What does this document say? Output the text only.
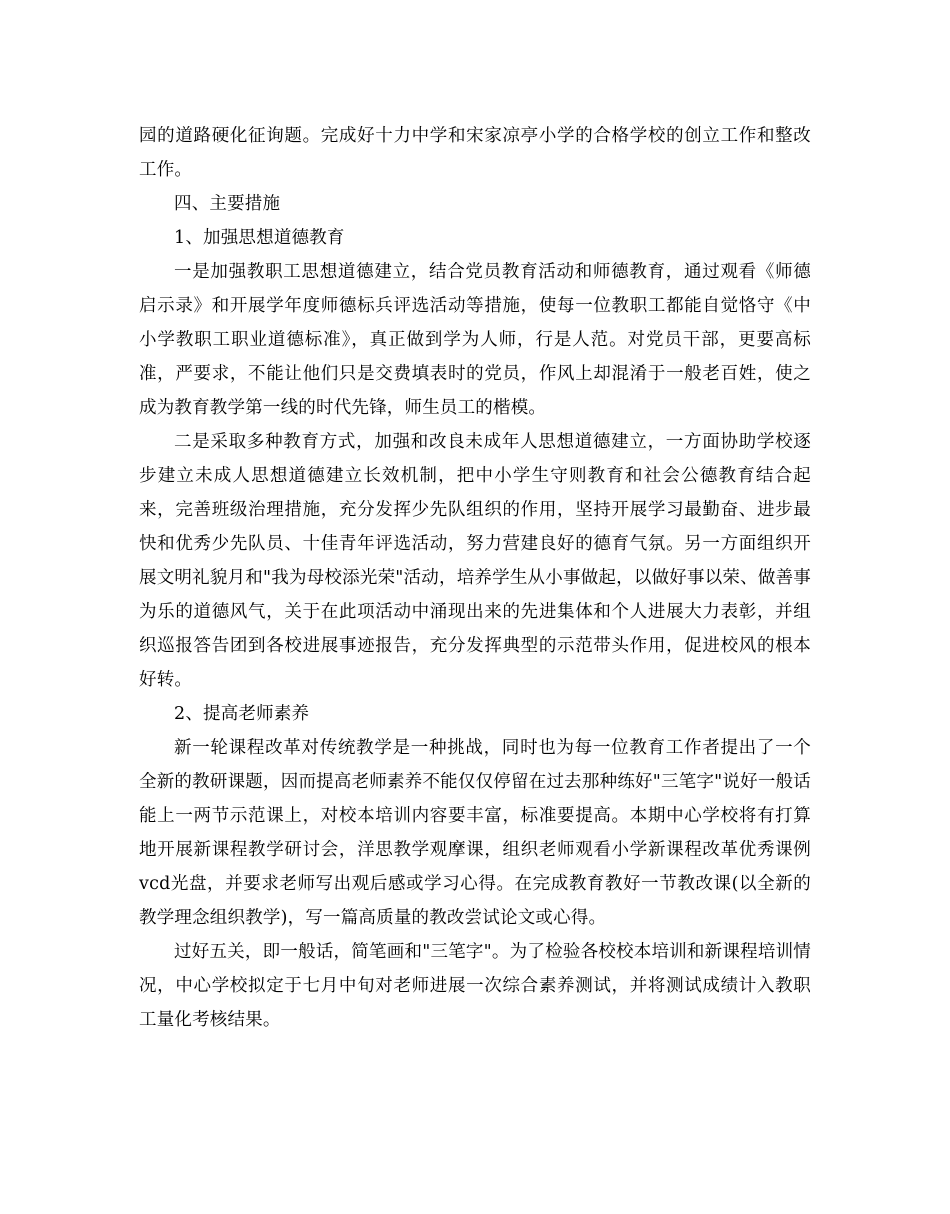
园的道路硬化征询题。完成好十力中学和宋家凉亭小学的合格学校的创立工作和整改工作。

四、主要措施

1、加强思想道德教育

一是加强教职工思想道德建立，结合党员教育活动和师德教育，通过观看《师德启示录》和开展学年度师德标兵评选活动等措施，使每一位教职工都能自觉恪守《中小学教职工职业道德标准》，真正做到学为人师，行是人范。对党员干部，更要高标准，严要求，不能让他们只是交费填表时的党员，作风上却混淆于一般老百姓，使之成为教育教学第一线的时代先锋，师生员工的楷模。

二是采取多种教育方式，加强和改良未成年人思想道德建立，一方面协助学校逐步建立未成人思想道德建立长效机制，把中小学生守则教育和社会公德教育结合起来，完善班级治理措施，充分发挥少先队组织的作用，坚持开展学习最勤奋、进步最快和优秀少先队员、十佳青年评选活动，努力营建良好的德育气氛。另一方面组织开展文明礼貌月和"我为母校添光荣"活动，培养学生从小事做起，以做好事以荣、做善事为乐的道德风气，关于在此项活动中涌现出来的先进集体和个人进展大力表彰，并组织巡报答告团到各校进展事迹报告，充分发挥典型的示范带头作用，促进校风的根本好转。

2、提高老师素养

新一轮课程改革对传统教学是一种挑战，同时也为每一位教育工作者提出了一个全新的教研课题，因而提高老师素养不能仅仅停留在过去那种练好"三笔字"说好一般话能上一两节示范课上，对校本培训内容要丰富，标准要提高。本期中心学校将有打算地开展新课程教学研讨会，洋思教学观摩课，组织老师观看小学新课程改革优秀课例vcd光盘，并要求老师写出观后感或学习心得。在完成教育教好一节教改课(以全新的教学理念组织教学)，写一篇高质量的教改尝试论文或心得。

过好五关，即一般话，简笔画和"三笔字"。为了检验各校校本培训和新课程培训情况，中心学校拟定于七月中旬对老师进展一次综合素养测试，并将测试成绩计入教职工量化考核结果。
